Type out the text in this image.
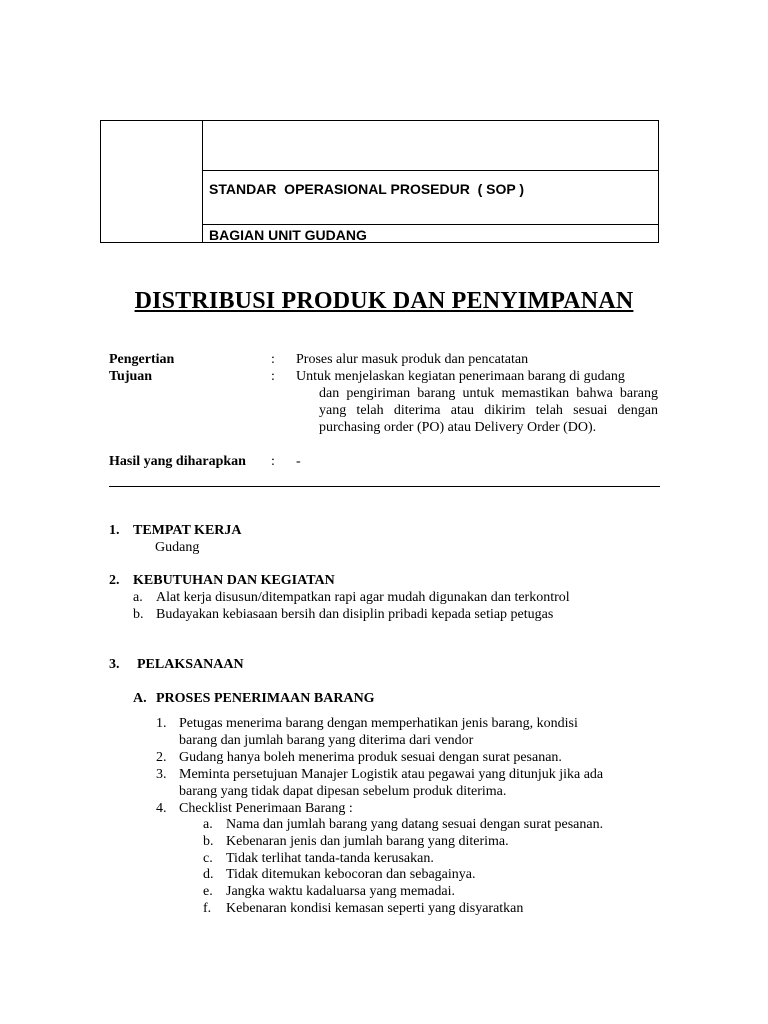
STANDAR  OPERASIONAL PROSEDUR  ( SOP )
BAGIAN UNIT GUDANG
DISTRIBUSI PRODUK DAN PENYIMPANAN
Pengertian	: Proses alur masuk produk dan pencatatan
Tujuan	: Untuk menjelaskan kegiatan penerimaan barang di gudang
dan pengiriman barang untuk memastikan bahwa barang yang telah diterima atau dikirim telah sesuai dengan purchasing order (PO) atau Delivery Order (DO).
Hasil yang diharapkan : -
1. TEMPAT KERJA
Gudang
2. KEBUTUHAN DAN KEGIATAN
a. Alat kerja disusun/ditempatkan rapi agar mudah digunakan dan terkontrol
b. Budayakan kebiasaan bersih dan disiplin pribadi kepada setiap petugas
3. PELAKSANAAN
A. PROSES PENERIMAAN BARANG
1. Petugas menerima barang dengan memperhatikan jenis barang, kondisi
barang dan jumlah barang yang diterima dari vendor
2. Gudang hanya boleh menerima produk sesuai dengan surat pesanan.
3. Meminta persetujuan Manajer Logistik atau pegawai yang ditunjuk jika ada
barang yang tidak dapat dipesan sebelum produk diterima.
4. Checklist Penerimaan Barang :
a. Nama dan jumlah barang yang datang sesuai dengan surat pesanan.
b. Kebenaran jenis dan jumlah barang yang diterima.
c. Tidak terlihat tanda-tanda kerusakan.
d. Tidak ditemukan kebocoran dan sebagainya.
e. Jangka waktu kadaluarsa yang memadai.
f. Kebenaran kondisi kemasan seperti yang disyaratkan
